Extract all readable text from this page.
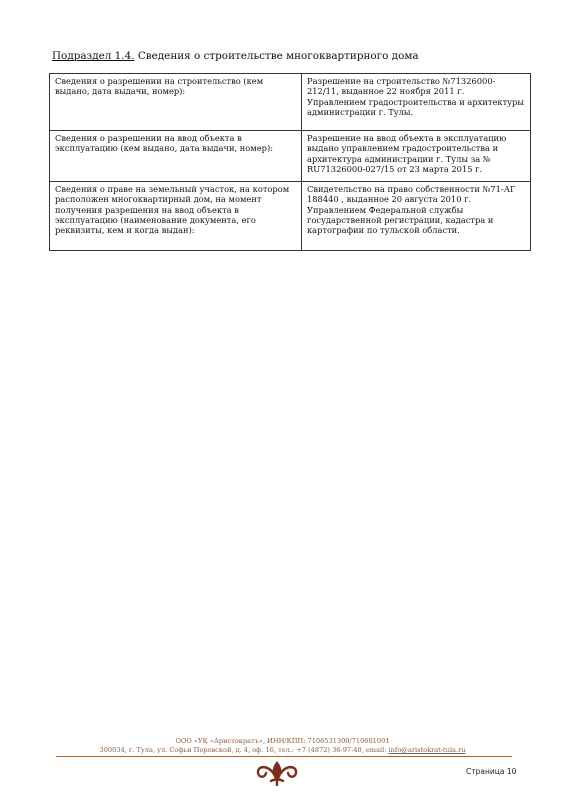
Подраздел 1.4. Сведения о строительстве многоквартирного дома
Сведения о разрешении на строительство (кем выдано, дата выдачи, номер):	Разрешение на строительство №71326000-212/11, выданное 22 ноября 2011 г. Управлением градостроительства и архитектуры администрации г. Тулы.
Сведения о разрешении на ввод объекта в эксплуатацию (кем выдано, дата выдачи, номер):	Разрешение на ввод объекта в эксплуатацию выдано управлением градостроительства и архитектура администрации г. Тулы за № RU71326000-027/15 от 23 марта 2015 г.
Сведения о праве на земельный участок, на котором расположен многоквартирный дом, на момент получения разрешения на ввод объекта в эксплуатацию (наименование документа, его реквизиты, кем и когда выдан):	Свидетельство на право собственности №71-АГ 188440 , выданное 20 августа 2010 г. Управлением Федеральной службы государственной регистрации, кадастра и картографии по тульской области.
ООО «УК «Аристократъ», ИНН/КПП: 7106531300/710601001
300034, г. Тула, ул. Софьи Перовской, д. 4, оф. 16, тел.: +7 (4872) 36-97-40, email: info@aristokrat-tula.ru
Страница 10
